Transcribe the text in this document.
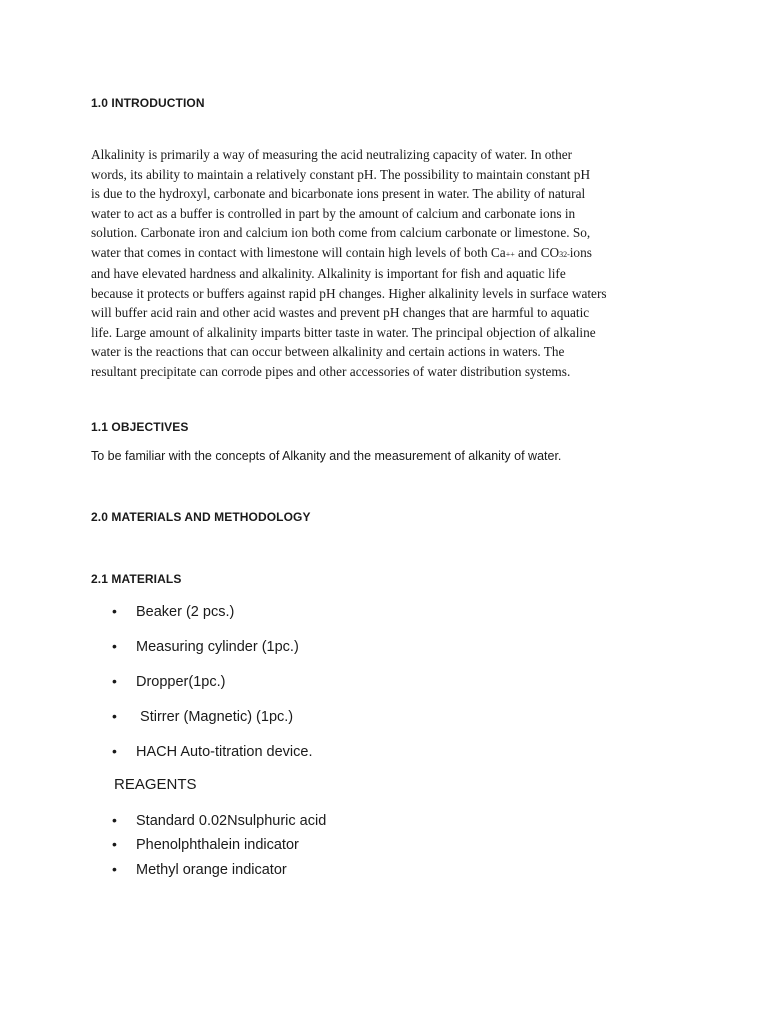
1.0 INTRODUCTION

Alkalinity is primarily a way of measuring the acid neutralizing capacity of water. In other

words, its ability to maintain a relatively constant pH. The possibility to maintain constant pH

is due to the hydroxyl, carbonate and bicarbonate ions present in water. The ability of natural

water to act as a buffer is controlled in part by the amount of calcium and carbonate ions in

solution. Carbonate iron and calcium ion both come from calcium carbonate or limestone. So,

water that comes in contact with limestone will contain high levels of both Ca++ and CO32-ions

and have elevated hardness and alkalinity. Alkalinity is important for fish and aquatic life

because it protects or buffers against rapid pH changes. Higher alkalinity levels in surface waters

will buffer acid rain and other acid wastes and prevent pH changes that are harmful to aquatic

life. Large amount of alkalinity imparts bitter taste in water. The principal objection of alkaline

water is the reactions that can occur between alkalinity and certain actions in waters. The

resultant precipitate can corrode pipes and other accessories of water distribution systems.

1.1 OBJECTIVES
To be familiar with the concepts of Alkanity and the measurement of alkanity of water.
2.0 MATERIALS AND METHODOLOGY
2.1 MATERIALS
• Beaker (2 pcs.)
• Measuring cylinder (1pc.)
• Dropper(1pc.)
• Stirrer (Magnetic) (1pc.)
• HACH Auto-titration device.
REAGENTS
• Standard 0.02Nsulphuric acid
• Phenolphthalein indicator
• Methyl orange indicator
